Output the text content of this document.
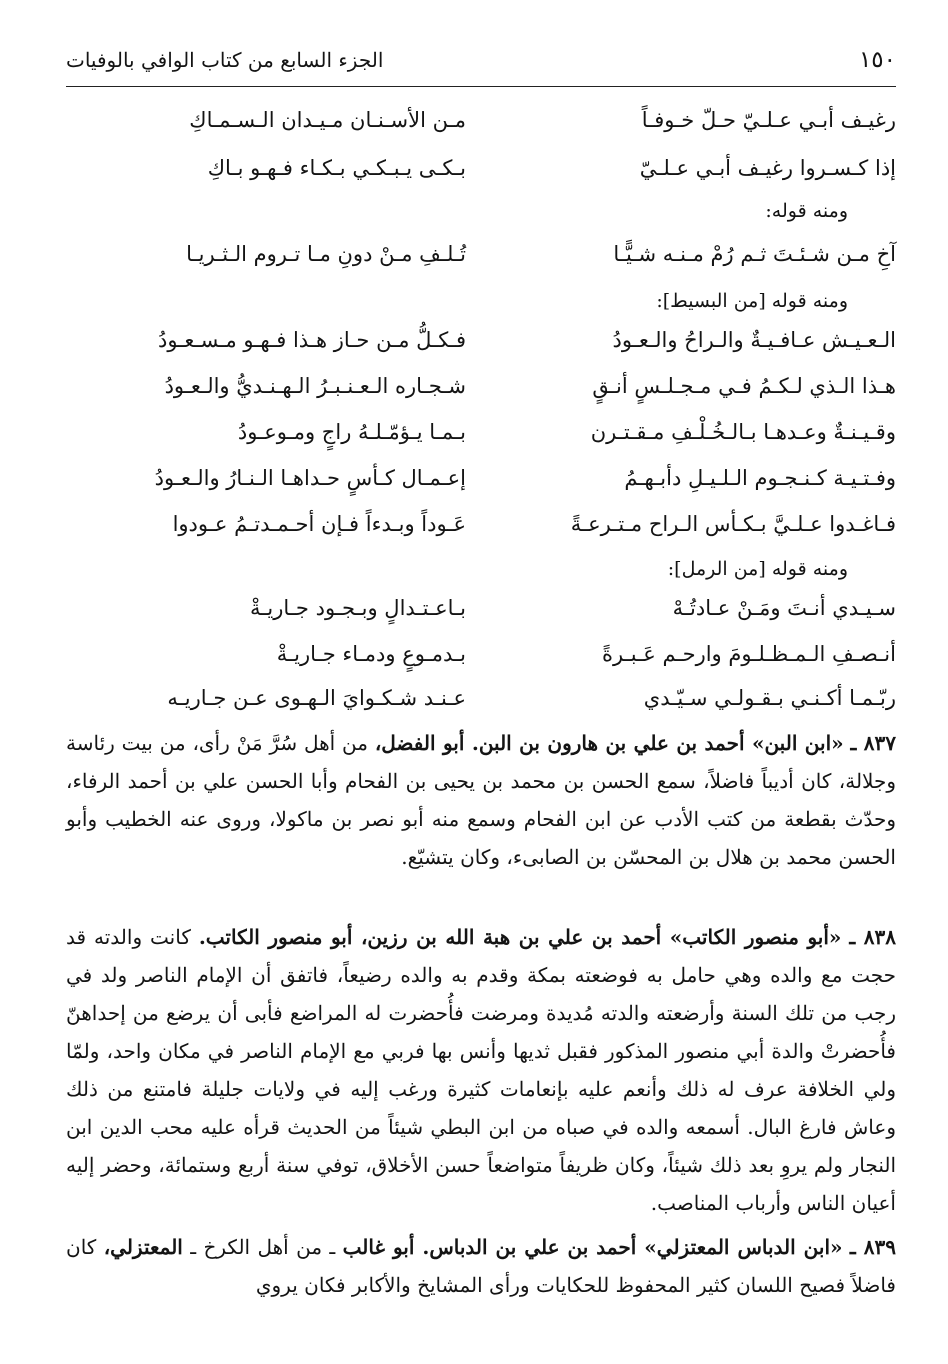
١٥٠
الجزء السابع من كتاب الوافي بالوفيات
رغيـف أبـي عـلـيّ حـلّ خـوفـاً
مـن الأسـنـان مـيـدان الـسـمـاكِ
إذا كـسـروا رغيـف أبـي عـلـيّ
بـكـى يـبـكـي بـكـاء فـهـو بـاكِ
ومنه قوله:
آخِ مـن شـئـتَ ثـم رُمْ مـنـه شـيًّـا
تُـلـفِ مـنْ دونِ مـا تـروم الـثـريـا
ومنه قوله [من البسيط]:
الـعـيـش عـافـيـةٌ والـراحُ والـعـودُ
فـكـلُّ مـن حـاز هـذا فـهـو مـسـعـودُ
هـذا الـذي لـكـمُ فـي مـجـلـسٍ أنـقٍ
شـجـاره الـعـنـبـرُ الـهـنـديُّ والـعـودُ
وقـيـنـةٌ وعـدهـا بـالـخُـلْـفِ مـقـتـرن
بـمـا يـؤمّـلـهُ راجٍ ومـوعـودُ
وفـتـيـة كـنـجـوم الـلـيـلِ دأبـهـمُ
إعـمـال كـأسٍ حـداهـا الـنـارُ والـعـودُ
فـاغـدوا عـلـيَّ بـكـأس الـراح مـتـرعـةً
عَـوداً وبـدءاً فـإن أحـمـدتـمُ عـودوا
ومنه قوله [من الرمل]:
سـيـدي أنـتَ ومَـنْ عـادتُـهْ
بـاعـتـدالٍ وبـجـود جـاريـةْ
أنـصـفِ الـمـظـلـومَ وارحـم عَـبـرةً
بـدمـوعٍ ودمـاء جـاريـةْ
ربّـمـا أكـنـي بـقـولـي سـيّـدي
عـنـد شـكـوايَ الـهـوى عـن جـاريـه

٨٣٧ ـ «ابن البن» أحمد بن علي بن هارون بن البن. أبو الفضل، من أهل سُرَّ مَنْ رأى، من بيت رئاسة وجلالة، كان أديباً فاضلاً، سمع الحسن بن محمد بن يحيى بن الفحام وأبا الحسن علي بن أحمد الرفاء، وحدّث بقطعة من كتب الأدب عن ابن الفحام وسمع منه أبو نصر بن ماكولا، وروى عنه الخطيب وأبو الحسن محمد بن هلال بن المحسّن بن الصابىء، وكان يتشيّع.

٨٣٨ ـ «أبو منصور الكاتب» أحمد بن علي بن هبة الله بن رزين، أبو منصور الكاتب. كانت والدته قد حجت مع والده وهي حامل به فوضعته بمكة وقدم به والده رضيعاً، فاتفق أن الإمام الناصر ولد في رجب من تلك السنة وأرضعته والدته مُديدة ومرضت فأُحضرت له المراضع فأبى أن يرضع من إحداهنّ فأُحضرتْ والدة أبي منصور المذكور فقبل ثديها وأنس بها فربي مع الإمام الناصر في مكان واحد، ولمّا ولي الخلافة عرف له ذلك وأنعم عليه بإنعامات كثيرة ورغب إليه في ولايات جليلة فامتنع من ذلك وعاش فارغ البال. أسمعه والده في صباه من ابن البطي شيئاً من الحديث قرأه عليه محب الدين ابن النجار ولم يروِ بعد ذلك شيئاً، وكان ظريفاً متواضعاً حسن الأخلاق، توفي سنة أربع وستمائة، وحضر إليه أعيان الناس وأرباب المناصب.

٨٣٩ ـ «ابن الدباس المعتزلي» أحمد بن علي بن الدباس. أبو غالب ـ من أهل الكرخ ـ المعتزلي، كان فاضلاً فصيح اللسان كثير المحفوظ للحكايات ورأى المشايخ والأكابر فكان يروي
